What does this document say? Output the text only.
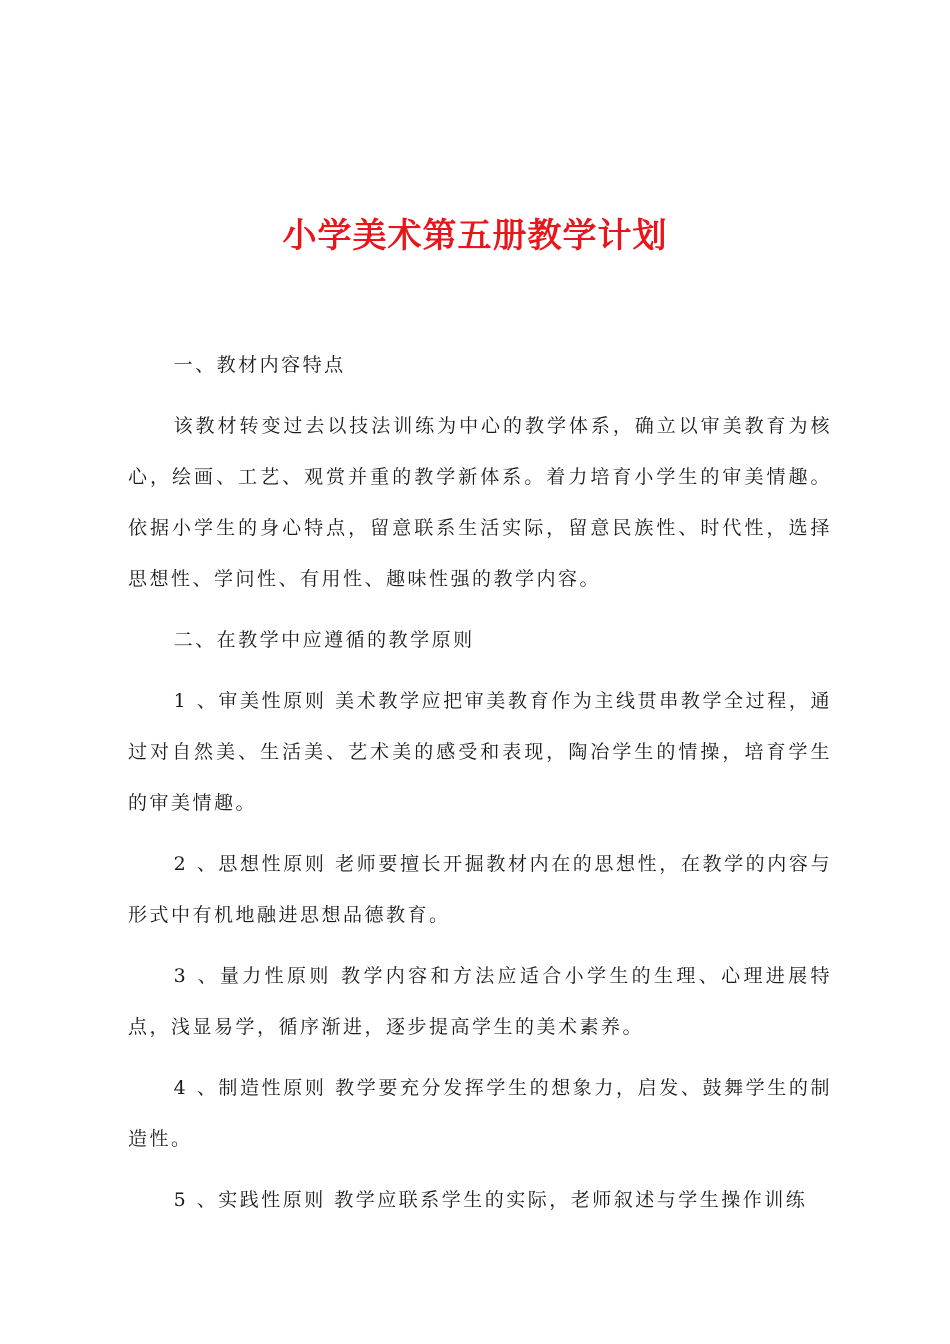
小学美术第五册教学计划

一、教材内容特点

该教材转变过去以技法训练为中心的教学体系，确立以审美教育为核心，绘画、工艺、观赏并重的教学新体系。着力培育小学生的审美情趣。依据小学生的身心特点，留意联系生活实际，留意民族性、时代性，选择思想性、学问性、有用性、趣味性强的教学内容。

二、在教学中应遵循的教学原则

1 、审美性原则 美术教学应把审美教育作为主线贯串教学全过程，通过对自然美、生活美、艺术美的感受和表现，陶冶学生的情操，培育学生的审美情趣。

2 、思想性原则 老师要擅长开掘教材内在的思想性，在教学的内容与形式中有机地融进思想品德教育。

3 、量力性原则 教学内容和方法应适合小学生的生理、心理进展特点，浅显易学，循序渐进，逐步提高学生的美术素养。

4 、制造性原则 教学要充分发挥学生的想象力，启发、鼓舞学生的制造性。

5 、实践性原则 教学应联系学生的实际，老师叙述与学生操作训练
